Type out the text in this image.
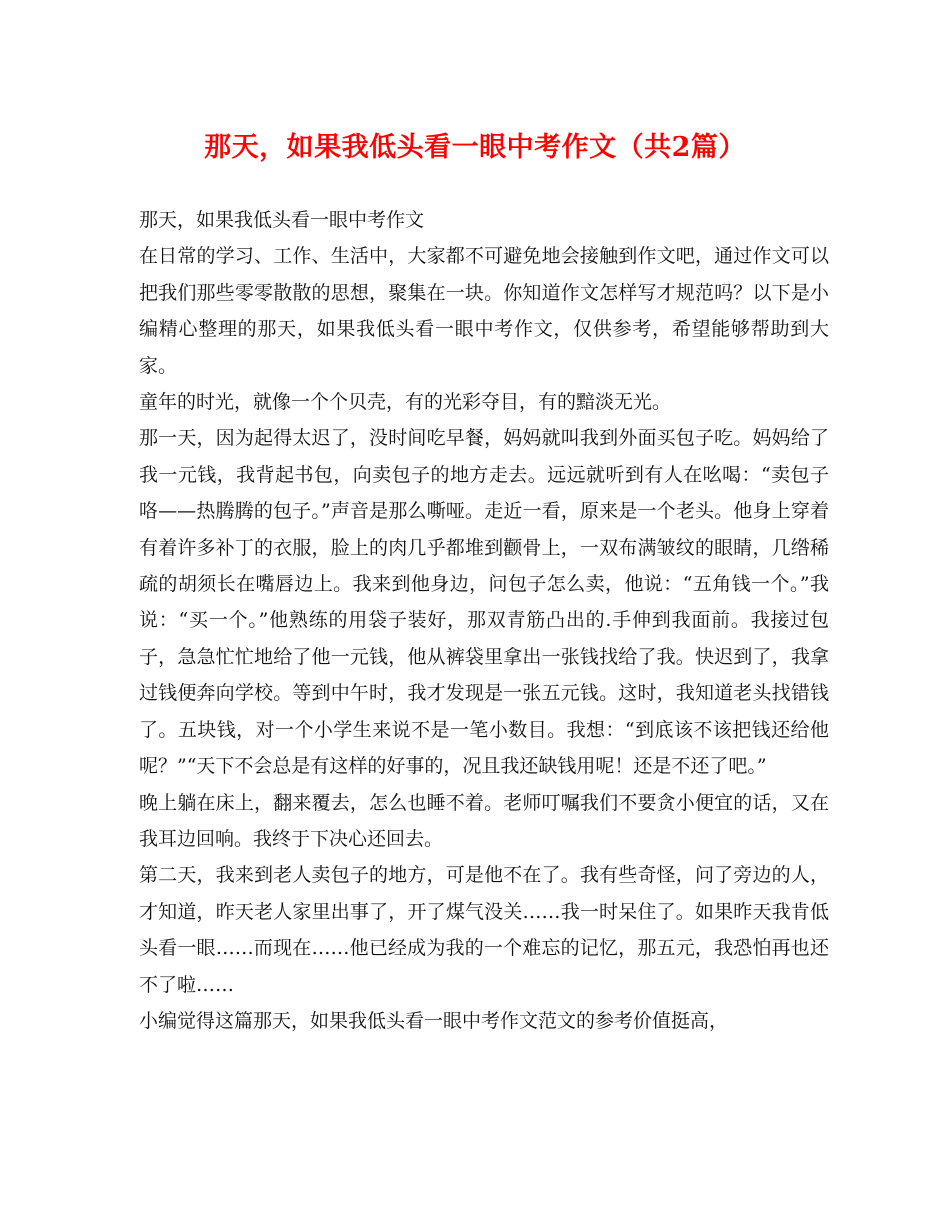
那天，如果我低头看一眼中考作文（共2篇）

那天，如果我低头看一眼中考作文

在日常的学习、工作、生活中，大家都不可避免地会接触到作文吧，通过作文可以把我们那些零零散散的思想，聚集在一块。你知道作文怎样写才规范吗？以下是小编精心整理的那天，如果我低头看一眼中考作文，仅供参考，希望能够帮助到大家。

童年的时光，就像一个个贝壳，有的光彩夺目，有的黯淡无光。

那一天，因为起得太迟了，没时间吃早餐，妈妈就叫我到外面买包子吃。妈妈给了我一元钱，我背起书包，向卖包子的地方走去。远远就听到有人在吆喝：“卖包子咯——热腾腾的包子。”声音是那么嘶哑。走近一看，原来是一个老头。他身上穿着有着许多补丁的衣服，脸上的肉几乎都堆到颧骨上，一双布满皱纹的眼睛，几绺稀疏的胡须长在嘴唇边上。我来到他身边，问包子怎么卖，他说：“五角钱一个。”我说：“买一个。”他熟练的用袋子装好，那双青筋凸出的.手伸到我面前。我接过包子，急急忙忙地给了他一元钱，他从裤袋里拿出一张钱找给了我。快迟到了，我拿过钱便奔向学校。等到中午时，我才发现是一张五元钱。这时，我知道老头找错钱了。五块钱，对一个小学生来说不是一笔小数目。我想：“到底该不该把钱还给他呢？”“天下不会总是有这样的好事的，况且我还缺钱用呢！还是不还了吧。”

晚上躺在床上，翻来覆去，怎么也睡不着。老师叮嘱我们不要贪小便宜的话，又在我耳边回响。我终于下决心还回去。

第二天，我来到老人卖包子的地方，可是他不在了。我有些奇怪，问了旁边的人，才知道，昨天老人家里出事了，开了煤气没关……我一时呆住了。如果昨天我肯低头看一眼……而现在……他已经成为我的一个难忘的记忆，那五元，我恐怕再也还不了啦……

小编觉得这篇那天，如果我低头看一眼中考作文范文的参考价值挺高，
